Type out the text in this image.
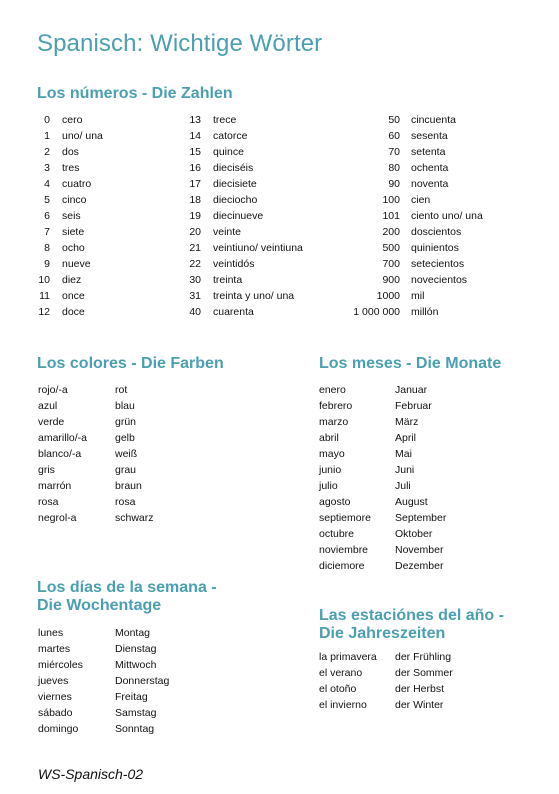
Spanisch: Wichtige Wörter
Los números - Die Zahlen
0 cero
1 uno/ una
2 dos
3 tres
4 cuatro
5 cinco
6 seis
7 siete
8 ocho
9 nueve
10 diez
11 once
12 doce
13 trece
14 catorce
15 quince
16 dieciséis
17 diecisiete
18 dieciocho
19 diecinueve
20 veinte
21 veintiuno/ veintiuna
22 veintidós
30 treinta
31 treinta y uno/ una
40 cuarenta
50 cincuenta
60 sesenta
70 setenta
80 ochenta
90 noventa
100 cien
101 ciento uno/ una
200 doscientos
500 quinientos
700 setecientos
900 novecientos
1000 mil
1 000 000 millón
Los colores - Die Farben
rojo/-a	rot
azul	blau
verde	grün
amarillo/-a	gelb
blanco/-a	weiß
gris	grau
marrón	braun
rosa	rosa
negrol-a	schwarz
Los meses - Die Monate
enero	Januar
febrero	Februar
marzo	März
abril	April
mayo	Mai
junio	Juni
julio	Juli
agosto	August
septiemore September
octubre	Oktober
noviembre	November
diciemore	Dezember
Los días de la semana -
Die Wochentage
lunes	Montag
martes	Dienstag
miércoles	Mittwoch
jueves	Donnerstag
viernes	Freitag
sábado	Samstag
domingo	Sonntag
Las estaciónes del año -
Die Jahreszeiten
la primavera der Frühling
el verano	der Sommer
el otoño	der Herbst
el invierno	der Winter
WS-Spanisch-02
